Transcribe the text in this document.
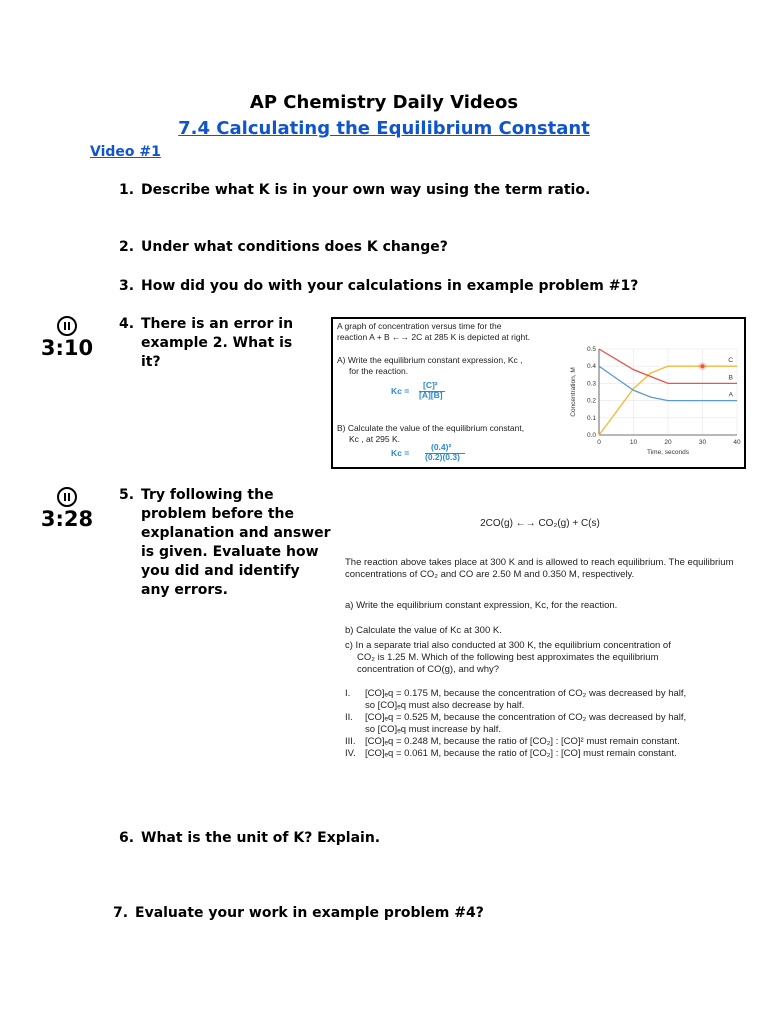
AP Chemistry Daily Videos
7.4 Calculating the Equilibrium Constant
Video #1
1. Describe what K is in your own way using the term ratio.
2. Under what conditions does K change?
3. How did you do with your calculations in example problem #1?
3:10
4. There is an error in
example 2. What is
it?
A graph of concentration versus time for the
reaction A + B ←→ 2C at 285 K is depicted at right.
A) Write the equilibrium constant expression, Kᴄ ,
for the reaction.
Kᴄ =
[C]²
[A][B]
B) Calculate the value of the equilibrium constant,
Kᴄ , at 295 K.
Kᴄ =
(0.4)²
(0.2)(0.3)
0	10	20	30	40
0.0
0.1
0.2
0.3
0.4
0.5
Time, seconds
Concentration, M
C
B
A
3:28
5. Try following the
problem before the
explanation and answer
is given. Evaluate how
you did and identify
any errors.
2CO(g) ←→ CO₂(g) + C(s)
The reaction above takes place at 300 K and is allowed to reach equilibrium. The equilibrium
concentrations of CO₂ and CO are 2.50 M and 0.350 M, respectively.
a) Write the equilibrium constant expression, Kᴄ, for the reaction.
b) Calculate the value of Kᴄ at 300 K.
c) In a separate trial also conducted at 300 K, the equilibrium concentration of
CO₂ is 1.25 M. Which of the following best approximates the equilibrium
concentration of CO(g), and why?
I. [CO]ₑq = 0.175 M, because the concentration of CO₂ was decreased by half,
so [CO]ₑq must also decrease by half.
II. [CO]ₑq = 0.525 M, because the concentration of CO₂ was decreased by half,
so [CO]ₑq must increase by half.
III. [CO]ₑq = 0.248 M, because the ratio of [CO₂] : [CO]² must remain constant.
IV. [CO]ₑq = 0.061 M, because the ratio of [CO₂] : [CO] must remain constant.
6. What is the unit of K? Explain.
7. Evaluate your work in example problem #4?
